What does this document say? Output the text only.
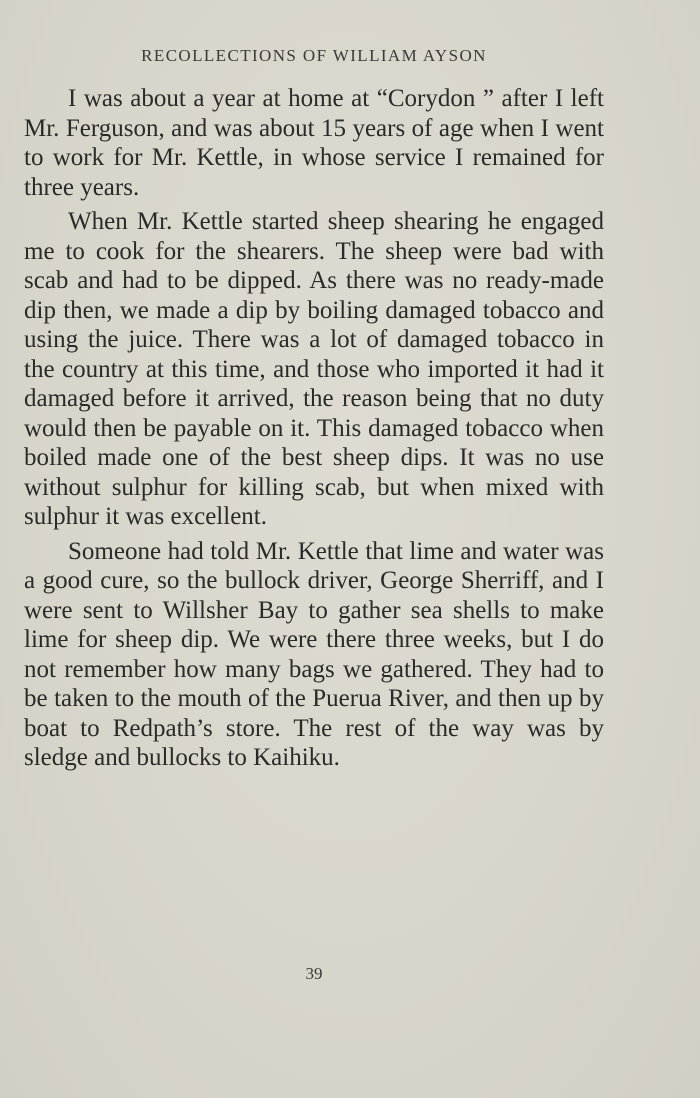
RECOLLECTIONS OF WILLIAM AYSON

I was about a year at home at “Corydon ” after I left Mr. Ferguson, and was about 15 years of age when I went to work for Mr. Kettle, in whose service I remained for three years.

When Mr. Kettle started sheep shearing he engaged me to cook for the shearers. The sheep were bad with scab and had to be dipped. As there was no ready-made dip then, we made a dip by boiling damaged tobacco and using the juice. There was a lot of damaged tobacco in the country at this time, and those who imported it had it damaged before it arrived, the reason being that no duty would then be payable on it. This damaged tobacco when boiled made one of the best sheep dips. It was no use without sulphur for killing scab, but when mixed with sulphur it was excellent.

Someone had told Mr. Kettle that lime and water was a good cure, so the bullock driver, George Sherriff, and I were sent to Willsher Bay to gather sea shells to make lime for sheep dip. We were there three weeks, but I do not remember how many bags we gathered. They had to be taken to the mouth of the Puerua River, and then up by boat to Redpath’s store. The rest of the way was by sledge and bullocks to Kaihiku.

39
